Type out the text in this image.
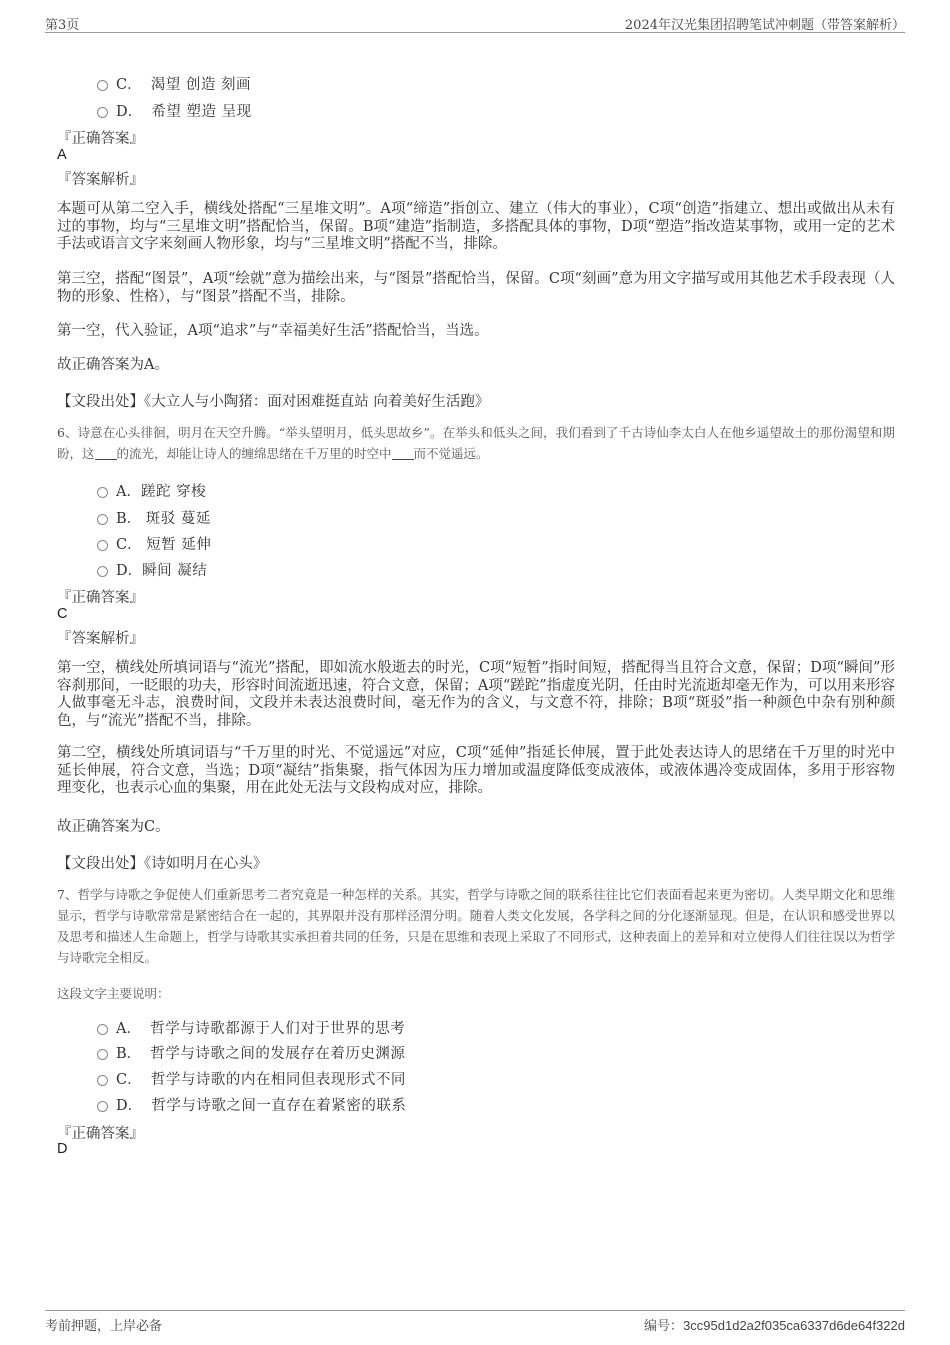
第3页	2024年汉光集团招聘笔试冲刺题（带答案解析）
C． 渴望 创造 刻画
D． 希望 塑造 呈现
『正确答案』
A
『答案解析』
本题可从第二空入手，横线处搭配“三星堆文明”。A项“缔造”指创立、建立（伟大的事业），C项“创造”指建立、想出或做出从未有过的事物，均与“三星堆文明”搭配恰当，保留。B项“建造”指制造，多搭配具体的事物，D项“塑造”指改造某事物，或用一定的艺术手法或语言文字来刻画人物形象，均与“三星堆文明”搭配不当，排除。
第三空，搭配“图景”，A项“绘就”意为描绘出来，与“图景”搭配恰当，保留。C项“刻画”意为用文字描写或用其他艺术手段表现（人物的形象、性格），与“图景”搭配不当，排除。
第一空，代入验证，A项“追求”与“幸福美好生活”搭配恰当，当选。
故正确答案为A。
【文段出处】《大立人与小陶猪：面对困难挺直站 向着美好生活跑》
6、诗意在心头徘徊，明月在天空升腾。“举头望明月，低头思故乡”。在举头和低头之间，我们看到了千古诗仙李太白人在他乡遥望故土的那份渴望和期盼，这 的流光，却能让诗人的缠绵思绪在千万里的时空中 而不觉遥远。
A．蹉跎 穿梭
B． 斑驳 蔓延
C． 短暂 延伸
D．瞬间 凝结
『正确答案』
C
『答案解析』
第一空，横线处所填词语与“流光”搭配，即如流水般逝去的时光，C项“短暂”指时间短，搭配得当且符合文意，保留；D项“瞬间”形容刹那间，一眨眼的功夫，形容时间流逝迅速，符合文意，保留；A项“蹉跎”指虚度光阴，任由时光流逝却毫无作为，可以用来形容人做事毫无斗志，浪费时间，文段并未表达浪费时间，毫无作为的含义，与文意不符，排除；B项“斑驳”指一种颜色中杂有别种颜色，与“流光”搭配不当，排除。
第二空，横线处所填词语与“千万里的时光、不觉遥远”对应，C项“延伸”指延长伸展，置于此处表达诗人的思绪在千万里的时光中延长伸展，符合文意，当选；D项“凝结”指集聚，指气体因为压力增加或温度降低变成液体，或液体遇冷变成固体，多用于形容物理变化，也表示心血的集聚，用在此处无法与文段构成对应，排除。
故正确答案为C。
【文段出处】《诗如明月在心头》
7、哲学与诗歌之争促使人们重新思考二者究竟是一种怎样的关系。其实，哲学与诗歌之间的联系往往比它们表面看起来更为密切。人类早期文化和思维显示，哲学与诗歌常常是紧密结合在一起的，其界限并没有那样泾渭分明。随着人类文化发展，各学科之间的分化逐渐显现。但是，在认识和感受世界以及思考和描述人生命题上，哲学与诗歌其实承担着共同的任务，只是在思维和表现上采取了不同形式，这种表面上的差异和对立使得人们往往误以为哲学与诗歌完全相反。
这段文字主要说明：
A． 哲学与诗歌都源于人们对于世界的思考
B． 哲学与诗歌之间的发展存在着历史渊源
C． 哲学与诗歌的内在相同但表现形式不同
D． 哲学与诗歌之间一直存在着紧密的联系
『正确答案』
D
考前押题，上岸必备	编号：3cc95d1d2a2f035ca6337d6de64f322d
